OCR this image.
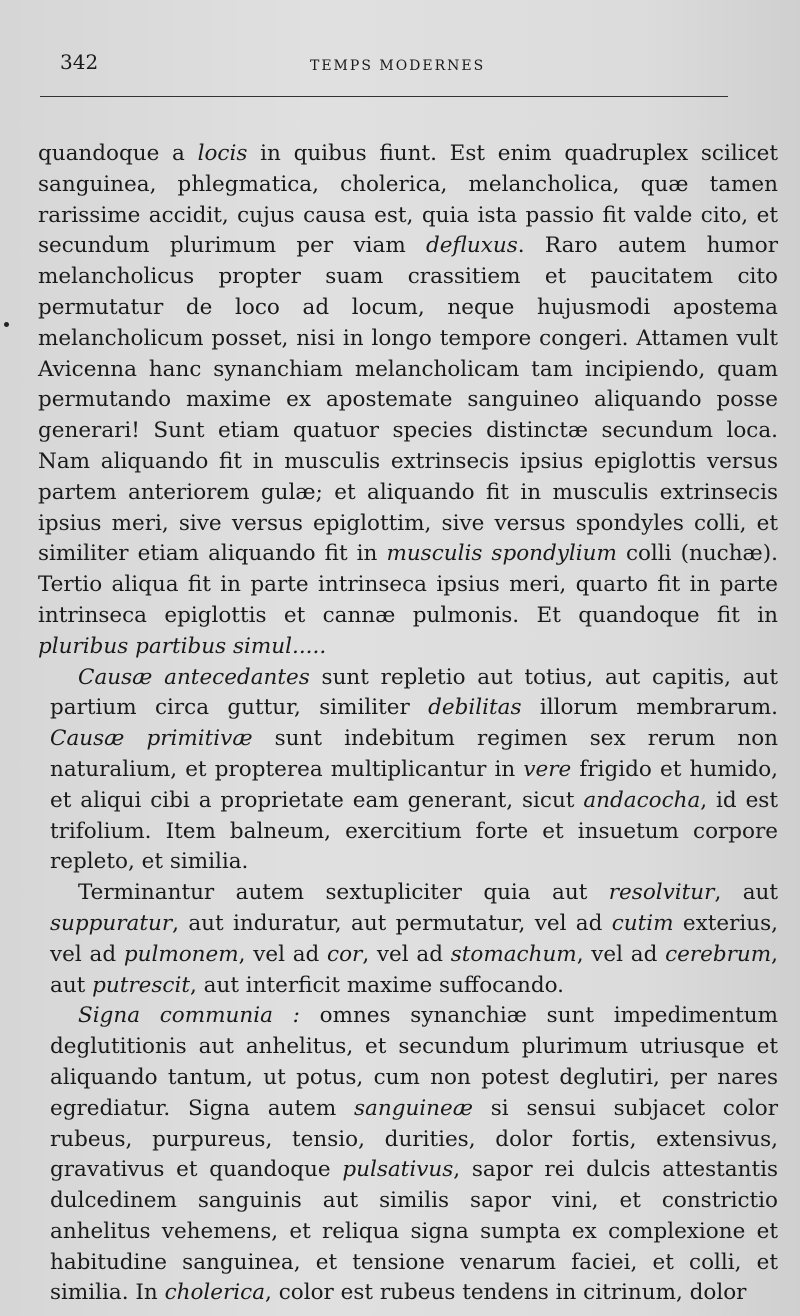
342	TEMPS MODERNES

quandoque a locis in quibus fiunt. Est enim quadruplex scilicet sanguinea, phlegmatica, cholerica, melancholica, quæ tamen rarissime accidit, cujus causa est, quia ista passio fit valde cito, et secundum plurimum per viam defluxus. Raro autem humor melancholicus propter suam crassitiem et paucitatem cito permutatur de loco ad locum, neque hujusmodi apostema melancholicum posset, nisi in longo tempore congeri. Attamen vult Avicenna hanc synanchiam melancholicam tam incipiendo, quam permutando maxime ex apostemate sanguineo aliquando posse generari! Sunt etiam quatuor species distinctæ secundum loca. Nam aliquando fit in musculis extrinsecis ipsius epiglottis versus partem anteriorem gulæ; et aliquando fit in musculis extrinsecis ipsius meri, sive versus epiglottim, sive versus spondyles colli, et similiter etiam aliquando fit in musculis spondylium colli (nuchæ). Tertio aliqua fit in parte intrinseca ipsius meri, quarto fit in parte intrinseca epiglottis et cannæ pulmonis. Et quandoque fit in pluribus partibus simul.....

Causæ antecedantes sunt repletio aut totius, aut capitis, aut partium circa guttur, similiter debilitas illorum membrarum. Causæ primitivæ sunt indebitum regimen sex rerum non naturalium, et propterea multiplicantur in vere frigido et humido, et aliqui cibi a proprietate eam generant, sicut andacocha, id est trifolium. Item balneum, exercitium forte et insuetum corpore repleto, et similia.

Terminantur autem sextupliciter quia aut resolvitur, aut suppuratur, aut induratur, aut permutatur, vel ad cutim exterius, vel ad pulmonem, vel ad cor, vel ad stomachum, vel ad cerebrum, aut putrescit, aut interficit maxime suffocando.

Signa communia : omnes synanchiæ sunt impedimentum deglutitionis aut anhelitus, et secundum plurimum utriusque et aliquando tantum, ut potus, cum non potest deglutiri, per nares egrediatur. Signa autem sanguineæ si sensui subjacet color rubeus, purpureus, tensio, durities, dolor fortis, extensivus, gravativus et quandoque pulsativus, sapor rei dulcis attestantis dulcedinem sanguinis aut similis sapor vini, et constrictio anhelitus vehemens, et reliqua signa sumpta ex complexione et habitudine sanguinea, et tensione venarum faciei, et colli, et similia. In cholerica, color est rubeus tendens in citrinum, dolor
